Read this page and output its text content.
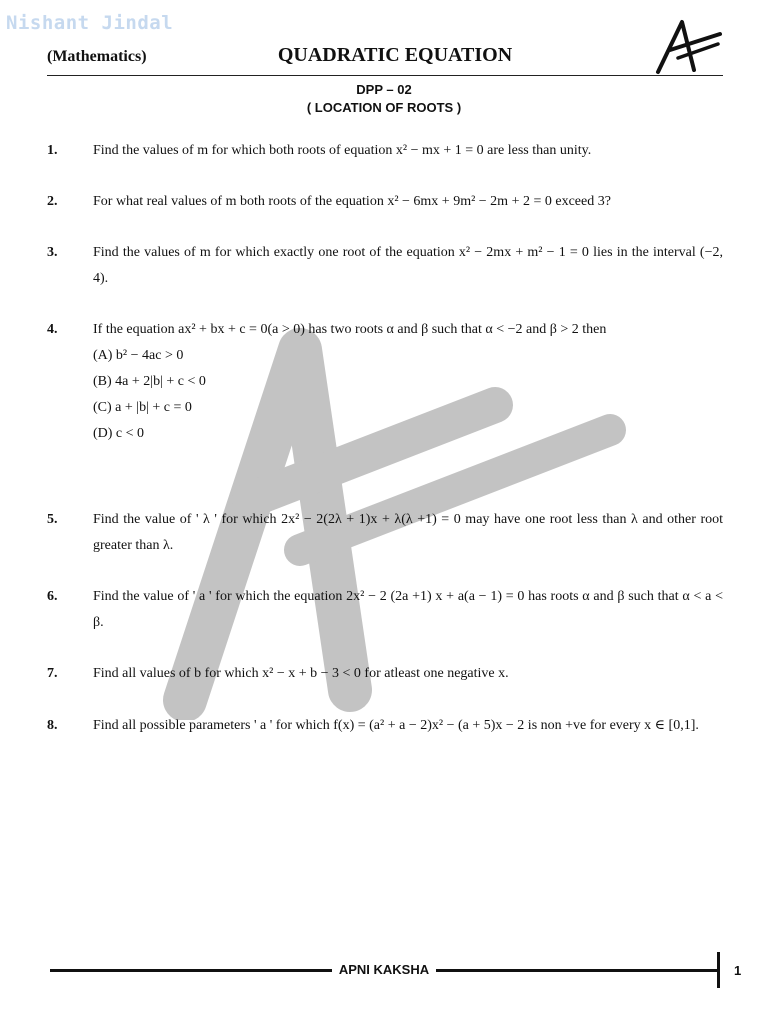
Nishant Jindal
(Mathematics)	QUADRATIC EQUATION
DPP – 02
( LOCATION OF ROOTS )
1.	Find the values of m for which both roots of equation x² − mx + 1 = 0 are less than unity.
2.	For what real values of m both roots of the equation x² − 6mx + 9m² − 2m + 2 = 0 exceed 3?
3.	Find the values of m for which exactly one root of the equation x² − 2mx + m² − 1 = 0 lies in the interval (−2, 4).
4.	If the equation ax² + bx + c = 0(a > 0) has two roots α and β such that α < −2 and β > 2 then
(A) b² − 4ac > 0
(B) 4a + 2|b| + c < 0
(C) a + |b| + c = 0
(D) c < 0
5.	Find the value of ' λ ' for which 2x² − 2(2λ + 1)x + λ(λ +1) = 0 may have one root less than λ and other root greater than λ.
6.	Find the value of ' a ' for which the equation 2x² − 2 (2a +1) x + a(a − 1) = 0 has roots α and β such that α < a < β.
7.	Find all values of b for which x² − x + b − 3 < 0 for atleast one negative x.
8.	Find all possible parameters ' a ' for which f(x) = (a² + a − 2)x² − (a + 5)x − 2 is non +ve for every x ∈ [0,1].
APNI KAKSHA	1
